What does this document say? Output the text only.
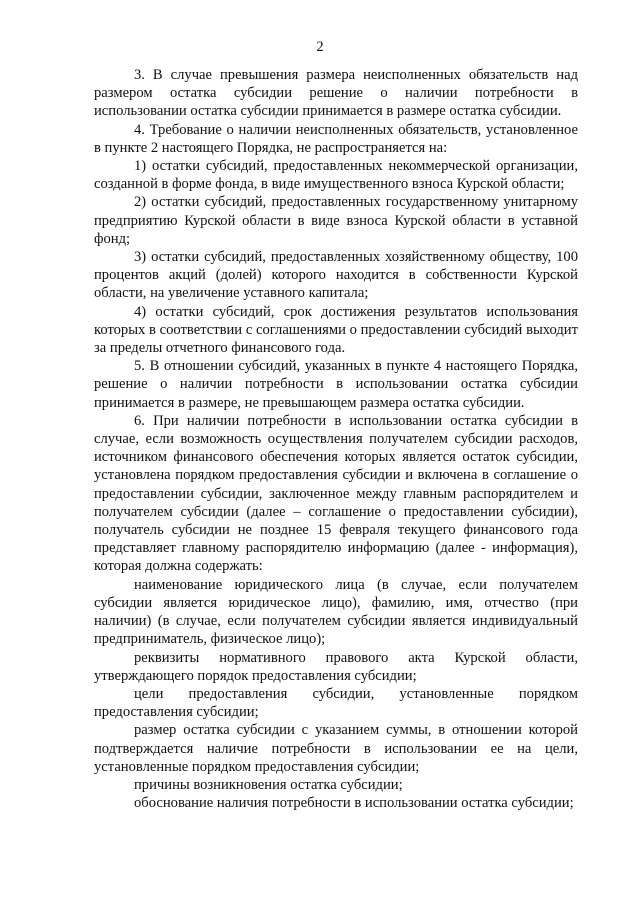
2

3. В случае превышения размера неисполненных обязательств над размером остатка субсидии решение о наличии потребности в использовании остатка субсидии принимается в размере остатка субсидии.

4. Требование о наличии неисполненных обязательств, установленное в пункте 2 настоящего Порядка, не распространяется на:

1) остатки субсидий, предоставленных некоммерческой организации, созданной в форме фонда, в виде имущественного взноса Курской области;

2) остатки субсидий, предоставленных государственному унитарному предприятию Курской области в виде взноса Курской области в уставной фонд;

3) остатки субсидий, предоставленных хозяйственному обществу, 100 процентов акций (долей) которого находится в собственности Курской области, на увеличение уставного капитала;

4) остатки субсидий, срок достижения результатов использования которых в соответствии с соглашениями о предоставлении субсидий выходит за пределы отчетного финансового года.

5. В отношении субсидий, указанных в пункте 4 настоящего Порядка, решение о наличии потребности в использовании остатка субсидии принимается в размере, не превышающем размера остатка субсидии.

6. При наличии потребности в использовании остатка субсидии в случае, если возможность осуществления получателем субсидии расходов, источником финансового обеспечения которых является остаток субсидии, установлена порядком предоставления субсидии и включена в соглашение о предоставлении субсидии, заключенное между главным распорядителем и получателем субсидии (далее – соглашение о предоставлении субсидии), получатель субсидии не позднее 15 февраля текущего финансового года представляет главному распорядителю информацию (далее - информация), которая должна содержать:

наименование юридического лица (в случае, если получателем субсидии является юридическое лицо), фамилию, имя, отчество (при наличии) (в случае, если получателем субсидии является индивидуальный предприниматель, физическое лицо);

реквизиты нормативного правового акта Курской области, утверждающего порядок предоставления субсидии;

цели предоставления субсидии, установленные порядком предоставления субсидии;

размер остатка субсидии с указанием суммы, в отношении которой подтверждается наличие потребности в использовании ее на цели, установленные порядком предоставления субсидии;

причины возникновения остатка субсидии;

обоснование наличия потребности в использовании остатка субсидии;
